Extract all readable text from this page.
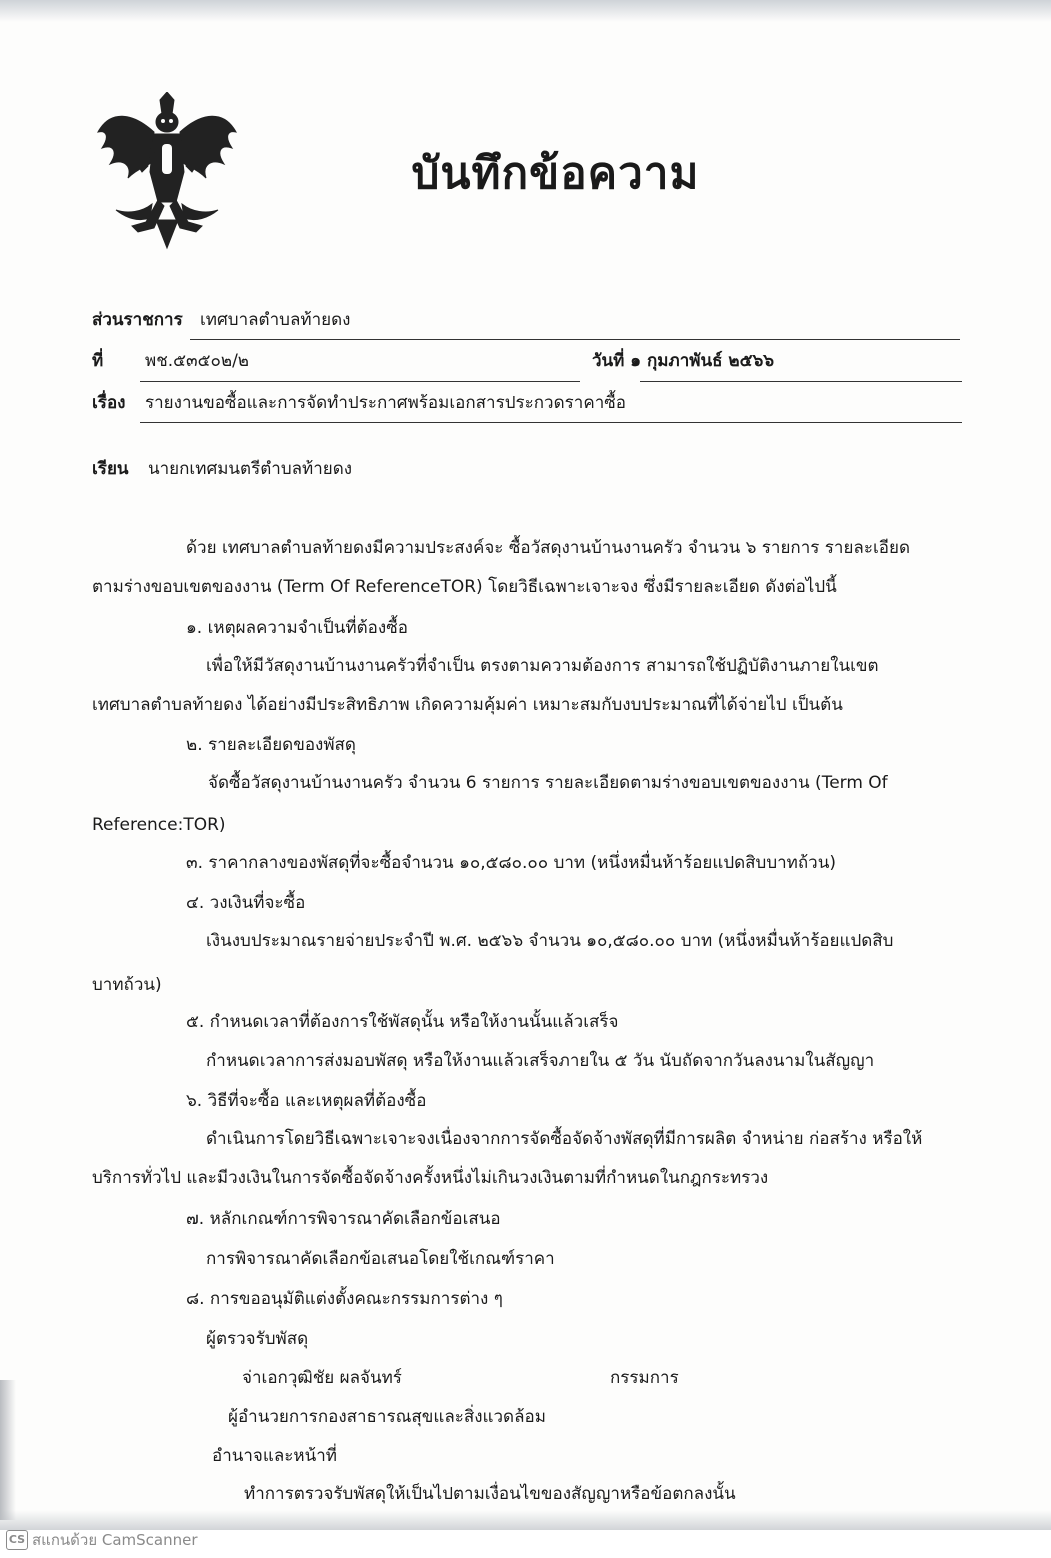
บันทึกข้อความ
ส่วนราชการ เทศบาลตำบลท้ายดง
ที่ พช.๕๓๕๐๒/๒	วันที่ ๑ กุมภาพันธ์ ๒๕๖๖
เรื่อง รายงานขอซื้อและการจัดทำประกาศพร้อมเอกสารประกวดราคาซื้อ
เรียน นายกเทศมนตรีตำบลท้ายดง
ด้วย เทศบาลตำบลท้ายดงมีความประสงค์จะ ซื้อวัสดุงานบ้านงานครัว จำนวน ๖ รายการ รายละเอียด
ตามร่างขอบเขตของงาน (Term Of ReferenceTOR) โดยวิธีเฉพาะเจาะจง ซึ่งมีรายละเอียด ดังต่อไปนี้
๑. เหตุผลความจำเป็นที่ต้องซื้อ
เพื่อให้มีวัสดุงานบ้านงานครัวที่จำเป็น ตรงตามความต้องการ สามารถใช้ปฏิบัติงานภายในเขต
เทศบาลตำบลท้ายดง ได้อย่างมีประสิทธิภาพ เกิดความคุ้มค่า เหมาะสมกับงบประมาณที่ได้จ่ายไป เป็นต้น
๒. รายละเอียดของพัสดุ
จัดซื้อวัสดุงานบ้านงานครัว จำนวน 6 รายการ รายละเอียดตามร่างขอบเขตของงาน (Term Of
Reference:TOR)
๓. ราคากลางของพัสดุที่จะซื้อจำนวน ๑๐,๕๘๐.๐๐ บาท (หนึ่งหมื่นห้าร้อยแปดสิบบาทถ้วน)
๔. วงเงินที่จะซื้อ
เงินงบประมาณรายจ่ายประจำปี พ.ศ. ๒๕๖๖ จำนวน ๑๐,๕๘๐.๐๐ บาท (หนึ่งหมื่นห้าร้อยแปดสิบ
บาทถ้วน)
๕. กำหนดเวลาที่ต้องการใช้พัสดุนั้น หรือให้งานนั้นแล้วเสร็จ
กำหนดเวลาการส่งมอบพัสดุ หรือให้งานแล้วเสร็จภายใน ๕ วัน นับถัดจากวันลงนามในสัญญา
๖. วิธีที่จะซื้อ และเหตุผลที่ต้องซื้อ
ดำเนินการโดยวิธีเฉพาะเจาะจงเนื่องจากการจัดซื้อจัดจ้างพัสดุที่มีการผลิต จำหน่าย ก่อสร้าง หรือให้
บริการทั่วไป และมีวงเงินในการจัดซื้อจัดจ้างครั้งหนึ่งไม่เกินวงเงินตามที่กำหนดในกฎกระทรวง
๗. หลักเกณฑ์การพิจารณาคัดเลือกข้อเสนอ
การพิจารณาคัดเลือกข้อเสนอโดยใช้เกณฑ์ราคา
๘. การขออนุมัติแต่งตั้งคณะกรรมการต่าง ๆ
ผู้ตรวจรับพัสดุ
จ่าเอกวุฒิชัย ผลจันทร์	กรรมการ
ผู้อำนวยการกองสาธารณสุขและสิ่งแวดล้อม
อำนาจและหน้าที่
ทำการตรวจรับพัสดุให้เป็นไปตามเงื่อนไขของสัญญาหรือข้อตกลงนั้น
CS สแกนด้วย CamScanner
